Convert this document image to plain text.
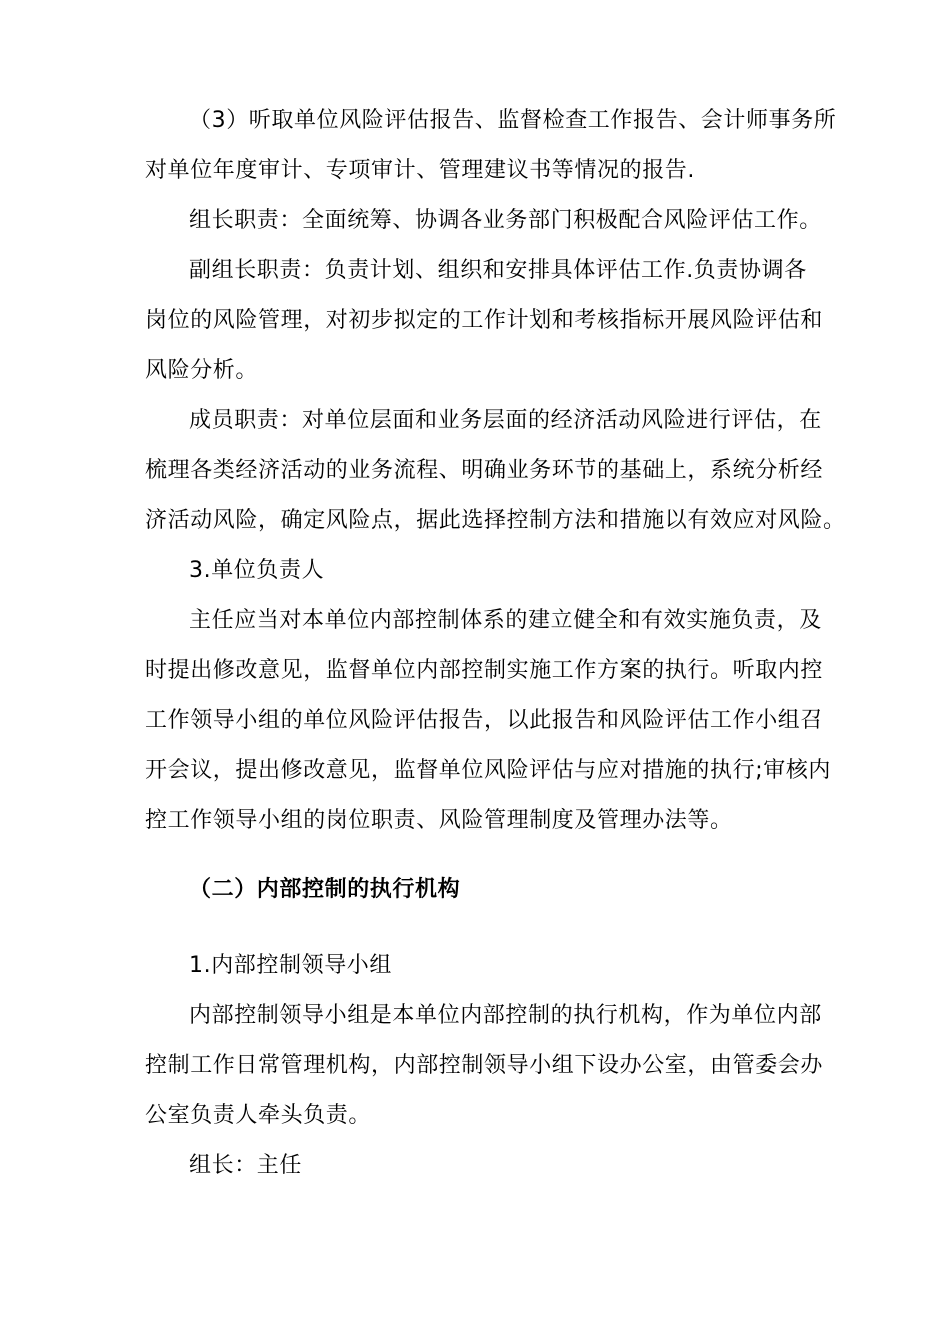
（3）听取单位风险评估报告、监督检查工作报告、会计师事务所
对单位年度审计、专项审计、管理建议书等情况的报告.
组长职责：全面统筹、协调各业务部门积极配合风险评估工作。
副组长职责：负责计划、组织和安排具体评估工作.负责协调各
岗位的风险管理，对初步拟定的工作计划和考核指标开展风险评估和
风险分析。
成员职责：对单位层面和业务层面的经济活动风险进行评估，在
梳理各类经济活动的业务流程、明确业务环节的基础上，系统分析经
济活动风险，确定风险点，据此选择控制方法和措施以有效应对风险。
3.单位负责人
主任应当对本单位内部控制体系的建立健全和有效实施负责，及
时提出修改意见，监督单位内部控制实施工作方案的执行。听取内控
工作领导小组的单位风险评估报告，以此报告和风险评估工作小组召
开会议，提出修改意见，监督单位风险评估与应对措施的执行;审核内
控工作领导小组的岗位职责、风险管理制度及管理办法等。
（二）内部控制的执行机构
1.内部控制领导小组
内部控制领导小组是本单位内部控制的执行机构，作为单位内部
控制工作日常管理机构，内部控制领导小组下设办公室，由管委会办
公室负责人牵头负责。
组长：主任
